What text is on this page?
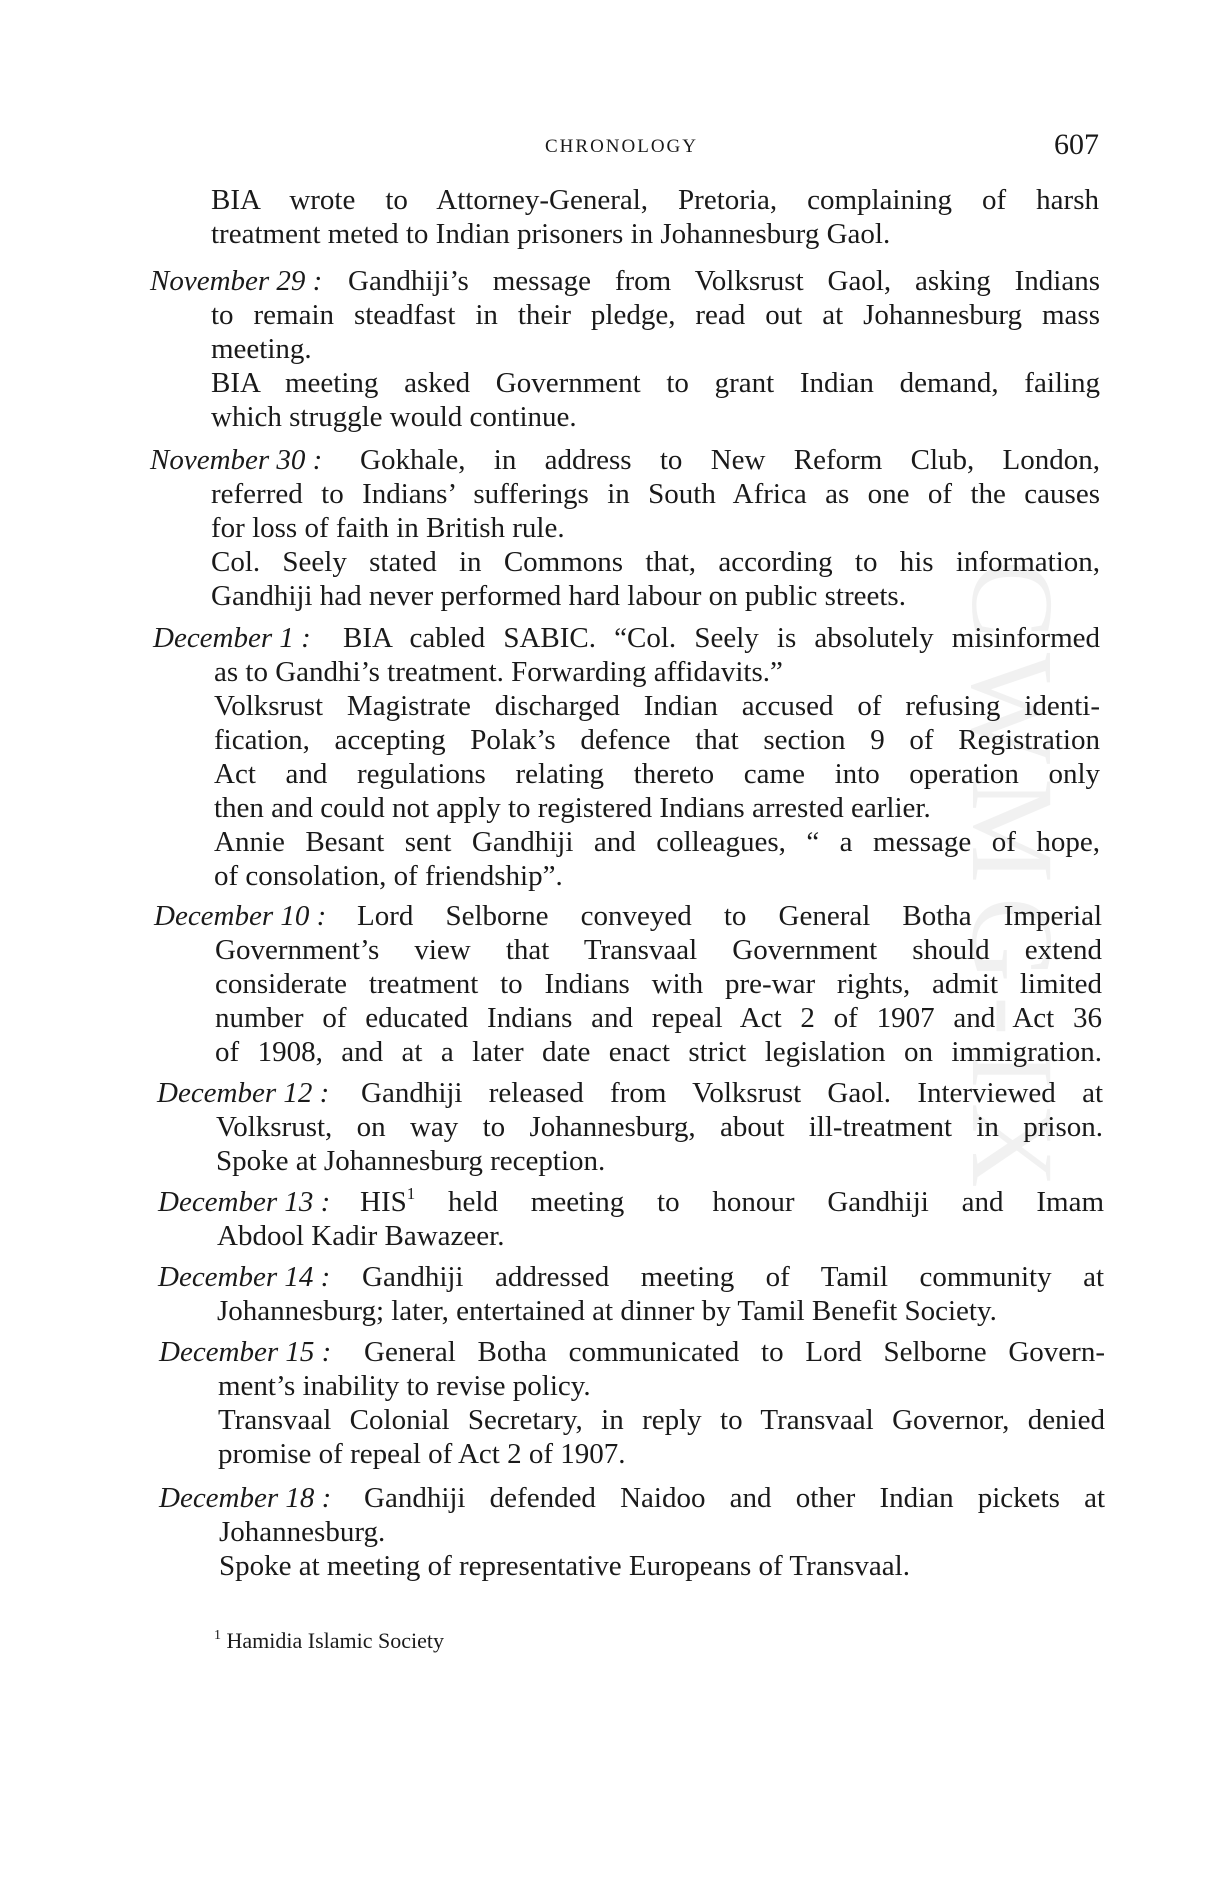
CWMG-IX
CHRONOLOGY	607
BIA wrote to Attorney-General, Pretoria, complaining of harsh
treatment meted to Indian prisoners in Johannesburg Gaol.
November 29 : Gandhiji’s message from Volksrust Gaol, asking Indians
to remain steadfast in their pledge, read out at Johannesburg mass
meeting.
BIA meeting asked Government to grant Indian demand, failing
which struggle would continue.
November 30 : Gokhale, in address to New Reform Club, London,
referred to Indians’ sufferings in South Africa as one of the causes
for loss of faith in British rule.
Col. Seely stated in Commons that, according to his information,
Gandhiji had never performed hard labour on public streets.
December 1 : BIA cabled SABIC. “Col. Seely is absolutely misinformed
as to Gandhi’s treatment. Forwarding affidavits.”
Volksrust Magistrate discharged Indian accused of refusing identi-
fication, accepting Polak’s defence that section 9 of Registration
Act and regulations relating thereto came into operation only
then and could not apply to registered Indians arrested earlier.
Annie Besant sent Gandhiji and colleagues, “ a message of hope,
of consolation, of friendship”.
December 10 : Lord Selborne conveyed to General Botha Imperial
Government’s view that Transvaal Government should extend
considerate treatment to Indians with pre-war rights, admit limited
number of educated Indians and repeal Act 2 of 1907 and Act 36
of 1908, and at a later date enact strict legislation on immigration.
December 12 : Gandhiji released from Volksrust Gaol. Interviewed at
Volksrust, on way to Johannesburg, about ill-treatment in prison.
Spoke at Johannesburg reception.
December 13 : HIS$^1$ held meeting to honour Gandhiji and Imam
Abdool Kadir Bawazeer.
December 14 : Gandhiji addressed meeting of Tamil community at
Johannesburg; later, entertained at dinner by Tamil Benefit Society.
December 15 : General Botha communicated to Lord Selborne Govern-
ment’s inability to revise policy.
Transvaal Colonial Secretary, in reply to Transvaal Governor, denied
promise of repeal of Act 2 of 1907.
December 18 : Gandhiji defended Naidoo and other Indian pickets at
Johannesburg.
Spoke at meeting of representative Europeans of Transvaal.
$^1$ Hamidia Islamic Society
